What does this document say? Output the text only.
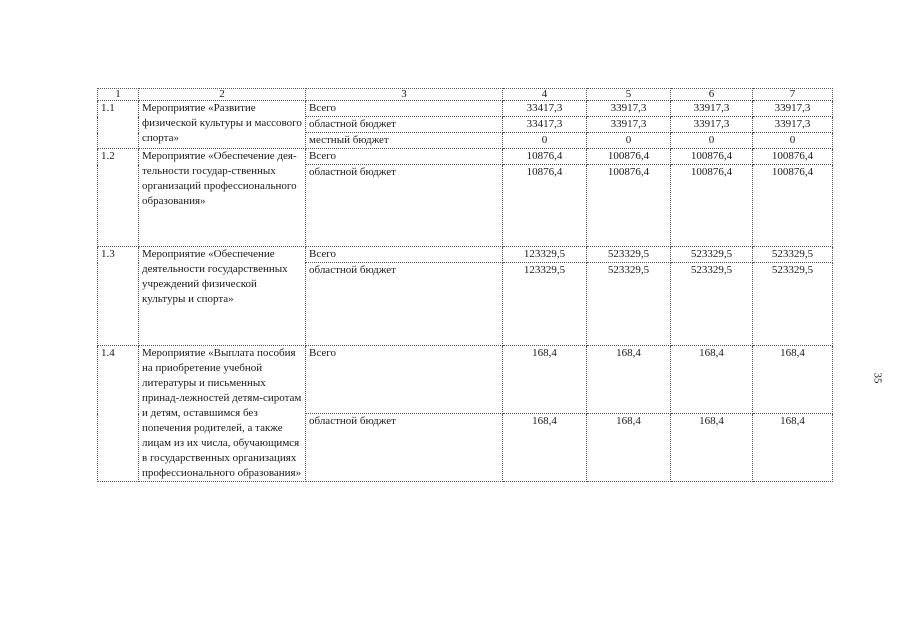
1	2	3	4	5	6	7
1.1	Мероприятие «Развитие физической культуры и массового спорта»	Всего	33417,3	33917,3	33917,3	33917,3
		областной бюджет	33417,3	33917,3	33917,3	33917,3
		местный бюджет	0	0	0	0
1.2	Мероприятие «Обеспечение дея-тельности государ-ственных организаций профессионального образования»	Всего	10876,4	100876,4	100876,4	100876,4
		областной бюджет	10876,4	100876,4	100876,4	100876,4
1.3	Мероприятие «Обеспечение деятельности государственных учреждений физической культуры и спорта»	Всего	123329,5	523329,5	523329,5	523329,5
		областной бюджет	123329,5	523329,5	523329,5	523329,5
1.4	Мероприятие «Выплата пособия на приобретение учебной литературы и письменных принад-лежностей детям-сиротам и детям, оставшимся без попечения родителей, а также лицам из их числа, обучающимся в государственных организациях профессионального образования»	Всего	168,4	168,4	168,4	168,4
		областной бюджет	168,4	168,4	168,4	168,4
35
